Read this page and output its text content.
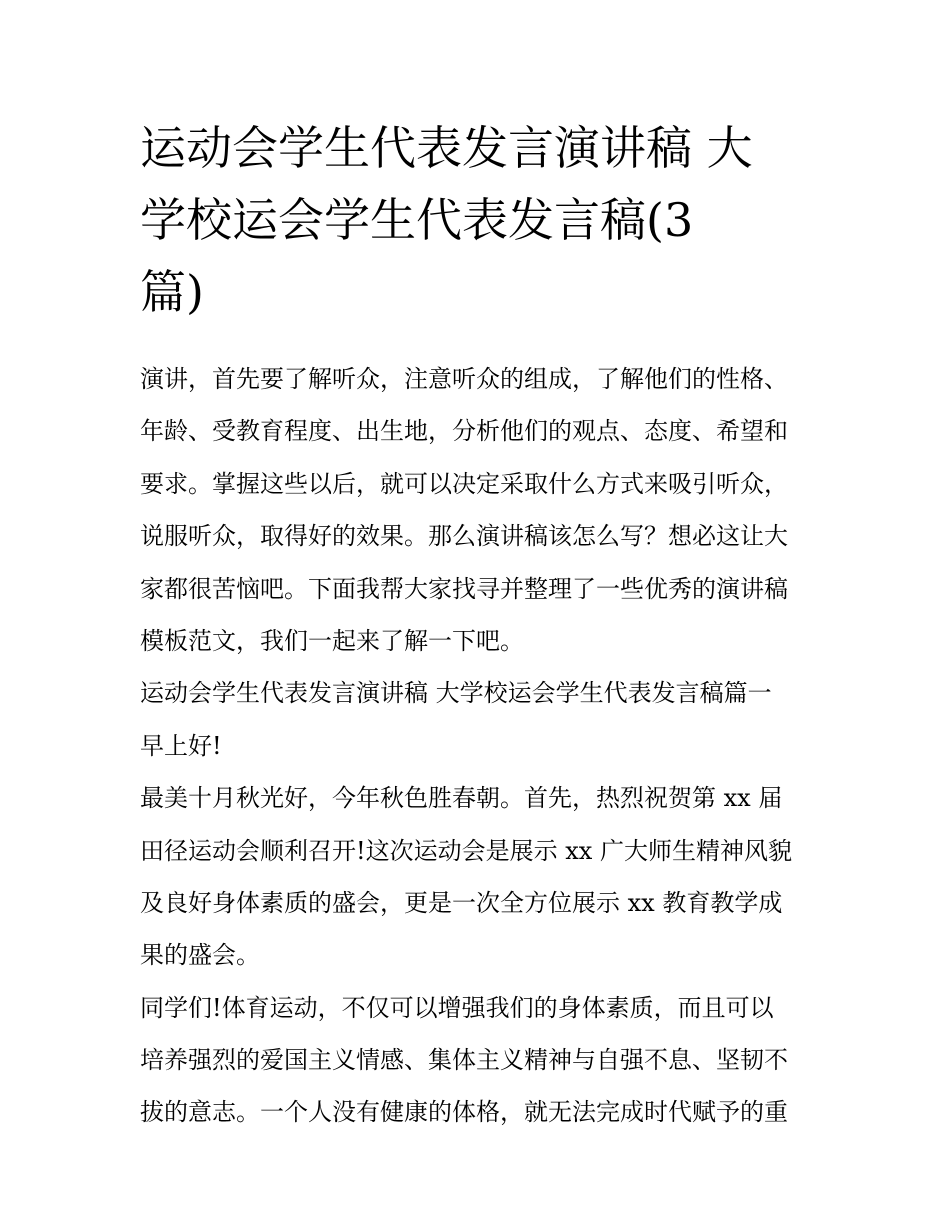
运动会学生代表发言演讲稿 大
学校运会学生代表发言稿(3
篇)
演讲，首先要了解听众，注意听众的组成，了解他们的性格、
年龄、受教育程度、出生地，分析他们的观点、态度、希望和
要求。掌握这些以后，就可以决定采取什么方式来吸引听众，
说服听众，取得好的效果。那么演讲稿该怎么写？想必这让大
家都很苦恼吧。下面我帮大家找寻并整理了一些优秀的演讲稿
模板范文，我们一起来了解一下吧。
运动会学生代表发言演讲稿 大学校运会学生代表发言稿篇一
早上好!
最美十月秋光好，今年秋色胜春朝。首先，热烈祝贺第 xx 届
田径运动会顺利召开!这次运动会是展示 xx 广大师生精神风貌
及良好身体素质的盛会，更是一次全方位展示 xx 教育教学成
果的盛会。
同学们!体育运动，不仅可以增强我们的身体素质，而且可以
培养强烈的爱国主义情感、集体主义精神与自强不息、坚韧不
拔的意志。一个人没有健康的体格，就无法完成时代赋予的重
